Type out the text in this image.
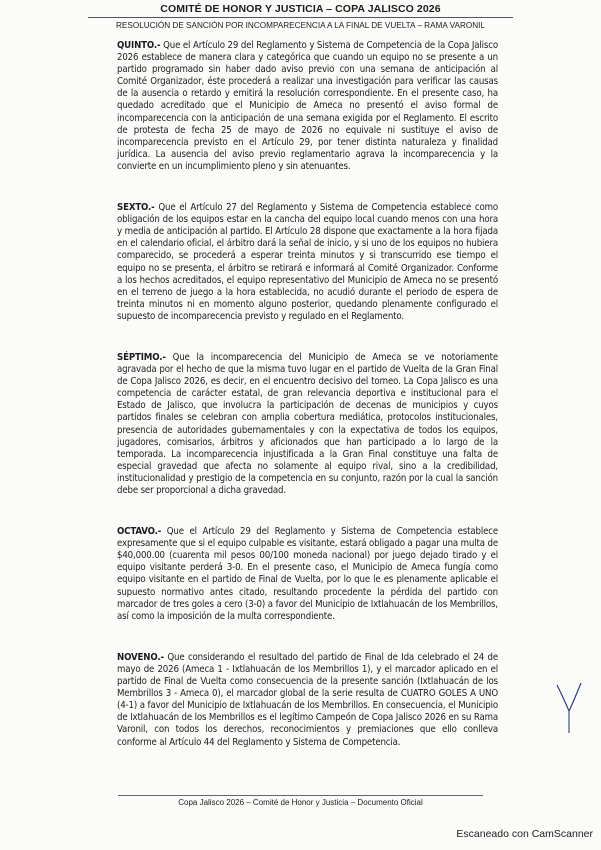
COMITÉ DE HONOR Y JUSTICIA – COPA JALISCO 2026
RESOLUCIÓN DE SANCIÓN POR INCOMPARECENCIA A LA FINAL DE VUELTA – RAMA VARONIL

QUINTO.- Que el Artículo 29 del Reglamento y Sistema de Competencia de la Copa Jalisco 2026 establece de manera clara y categórica que cuando un equipo no se presente a un partido programado sin haber dado aviso previo con una semana de anticipación al Comité Organizador, éste procederá a realizar una investigación para verificar las causas de la ausencia o retardo y emitirá la resolución correspondiente. En el presente caso, ha quedado acreditado que el Municipio de Ameca no presentó el aviso formal de incomparecencia con la anticipación de una semana exigida por el Reglamento. El escrito de protesta de fecha 25 de mayo de 2026 no equivale ni sustituye el aviso de incomparecencia previsto en el Artículo 29, por tener distinta naturaleza y finalidad jurídica. La ausencia del aviso previo reglamentario agrava la incomparecencia y la convierte en un incumplimiento pleno y sin atenuantes.

SEXTO.- Que el Artículo 27 del Reglamento y Sistema de Competencia establece como obligación de los equipos estar en la cancha del equipo local cuando menos con una hora y media de anticipación al partido. El Artículo 28 dispone que exactamente a la hora fijada en el calendario oficial, el árbitro dará la señal de inicio, y si uno de los equipos no hubiera comparecido, se procederá a esperar treinta minutos y si transcurrido ese tiempo el equipo no se presenta, el árbitro se retirará e informará al Comité Organizador. Conforme a los hechos acreditados, el equipo representativo del Municipio de Ameca no se presentó en el terreno de juego a la hora establecida, no acudió durante el periodo de espera de treinta minutos ni en momento alguno posterior, quedando plenamente configurado el supuesto de incomparecencia previsto y regulado en el Reglamento.

SÉPTIMO.- Que la incomparecencia del Municipio de Ameca se ve notoriamente agravada por el hecho de que la misma tuvo lugar en el partido de Vuelta de la Gran Final de Copa Jalisco 2026, es decir, en el encuentro decisivo del torneo. La Copa Jalisco es una competencia de carácter estatal, de gran relevancia deportiva e institucional para el Estado de Jalisco, que involucra la participación de decenas de municipios y cuyos partidos finales se celebran con amplia cobertura mediática, protocolos institucionales, presencia de autoridades gubernamentales y con la expectativa de todos los equipos, jugadores, comisarios, árbitros y aficionados que han participado a lo largo de la temporada. La incomparecencia injustificada a la Gran Final constituye una falta de especial gravedad que afecta no solamente al equipo rival, sino a la credibilidad, institucionalidad y prestigio de la competencia en su conjunto, razón por la cual la sanción debe ser proporcional a dicha gravedad.

OCTAVO.- Que el Artículo 29 del Reglamento y Sistema de Competencia establece expresamente que si el equipo culpable es visitante, estará obligado a pagar una multa de $40,000.00 (cuarenta mil pesos 00/100 moneda nacional) por juego dejado tirado y el equipo visitante perderá 3-0. En el presente caso, el Municipio de Ameca fungía como equipo visitante en el partido de Final de Vuelta, por lo que le es plenamente aplicable el supuesto normativo antes citado, resultando procedente la pérdida del partido con marcador de tres goles a cero (3-0) a favor del Municipio de Ixtlahuacán de los Membrillos, así como la imposición de la multa correspondiente.

NOVENO.- Que considerando el resultado del partido de Final de Ida celebrado el 24 de mayo de 2026 (Ameca 1 - Ixtlahuacán de los Membrillos 1), y el marcador aplicado en el partido de Final de Vuelta como consecuencia de la presente sanción (Ixtlahuacán de los Membrillos 3 - Ameca 0), el marcador global de la serie resulta de CUATRO GOLES A UNO (4-1) a favor del Municipio de Ixtlahuacán de los Membrillos. En consecuencia, el Municipio de Ixtlahuacán de los Membrillos es el legítimo Campeón de Copa Jalisco 2026 en su Rama Varonil, con todos los derechos, reconocimientos y premiaciones que ello conlleva conforme al Artículo 44 del Reglamento y Sistema de Competencia.

Copa Jalisco 2026 – Comité de Honor y Justicia – Documento Oficial
Escaneado con CamScanner
